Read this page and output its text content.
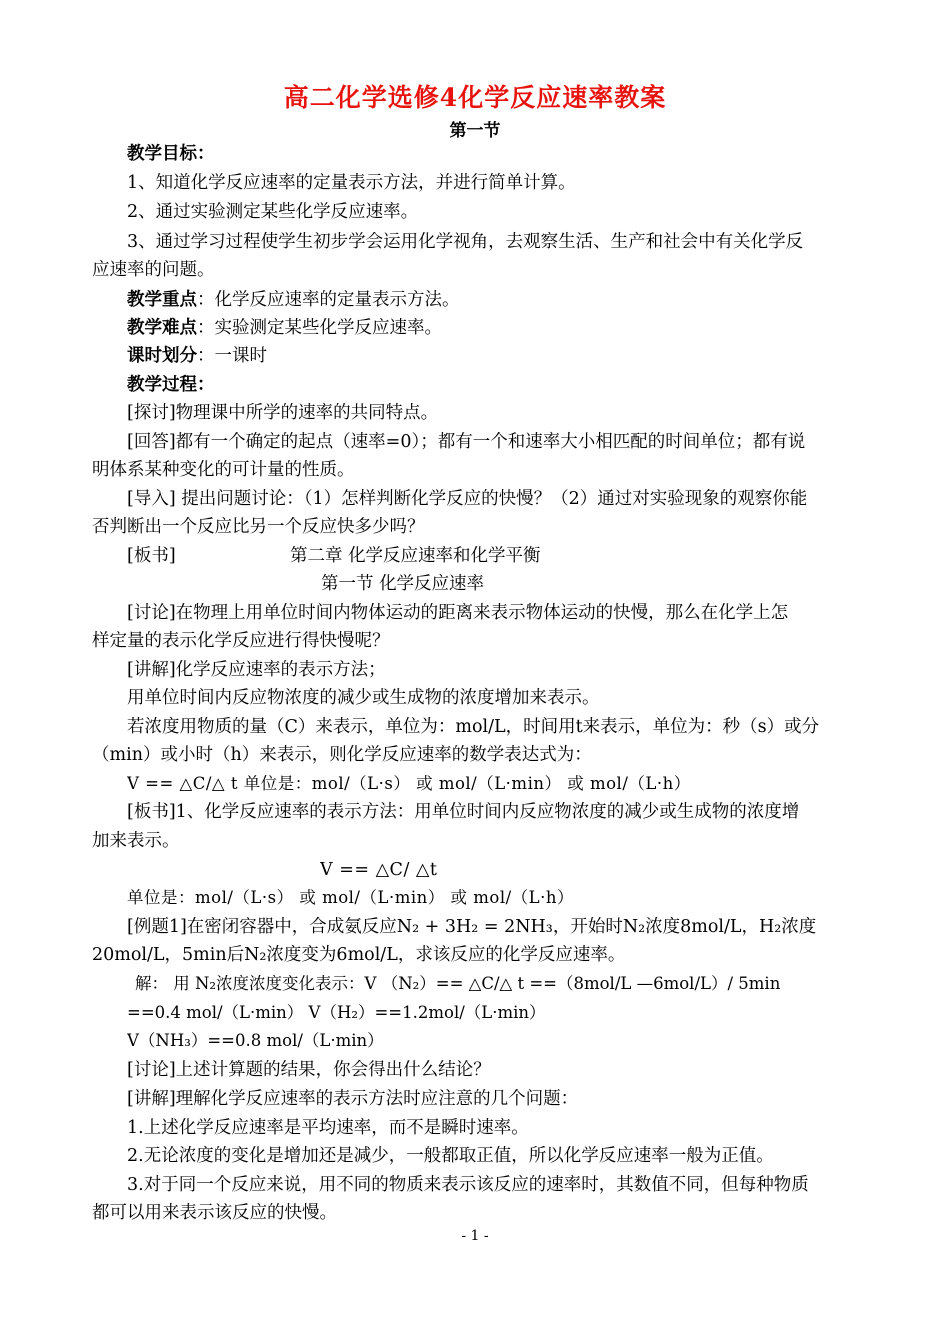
高二化学选修4化学反应速率教案
第一节
教学目标：
1、知道化学反应速率的定量表示方法，并进行简单计算。
2、通过实验测定某些化学反应速率。
3、通过学习过程使学生初步学会运用化学视角，去观察生活、生产和社会中有关化学反
应速率的问题。
教学重点：化学反应速率的定量表示方法。
教学难点：实验测定某些化学反应速率。
课时划分：一课时
教学过程：
[探讨]物理课中所学的速率的共同特点。
[回答]都有一个确定的起点（速率=0）；都有一个和速率大小相匹配的时间单位；都有说
明体系某种变化的可计量的性质。
[导入] 提出问题讨论：（1）怎样判断化学反应的快慢？（2）通过对实验现象的观察你能
否判断出一个反应比另一个反应快多少吗？
[板书]	第二章 化学反应速率和化学平衡
第一节 化学反应速率
[讨论]在物理上用单位时间内物体运动的距离来表示物体运动的快慢，那么在化学上怎
样定量的表示化学反应进行得快慢呢？
[讲解]化学反应速率的表示方法；
用单位时间内反应物浓度的减少或生成物的浓度增加来表示。
若浓度用物质的量（C）来表示，单位为：mol/L，时间用t来表示，单位为：秒（s）或分
（min）或小时（h）来表示，则化学反应速率的数学表达式为：
V == △C/△ t 单位是：mol/（L·s） 或 mol/（L·min） 或 mol/（L·h）
[板书]1、化学反应速率的表示方法：用单位时间内反应物浓度的减少或生成物的浓度增
加来表示。
V == △C/ △t
单位是：mol/（L·s） 或 mol/（L·min） 或 mol/（L·h）
[例题1]在密闭容器中，合成氨反应N₂ + 3H₂ = 2NH₃，开始时N₂浓度8mol/L，H₂浓度
20mol/L，5min后N₂浓度变为6mol/L，求该反应的化学反应速率。
解： 用 N₂浓度浓度变化表示：V （N₂）== △C/△ t ==（8mol/L —6mol/L）/ 5min
==0.4 mol/（L·min） V（H₂）==1.2mol/（L·min）
V（NH₃）==0.8 mol/（L·min）
[讨论]上述计算题的结果，你会得出什么结论？
[讲解]理解化学反应速率的表示方法时应注意的几个问题：
1.上述化学反应速率是平均速率，而不是瞬时速率。
2.无论浓度的变化是增加还是减少，一般都取正值，所以化学反应速率一般为正值。
3.对于同一个反应来说，用不同的物质来表示该反应的速率时，其数值不同，但每种物质
都可以用来表示该反应的快慢。
- 1 -
